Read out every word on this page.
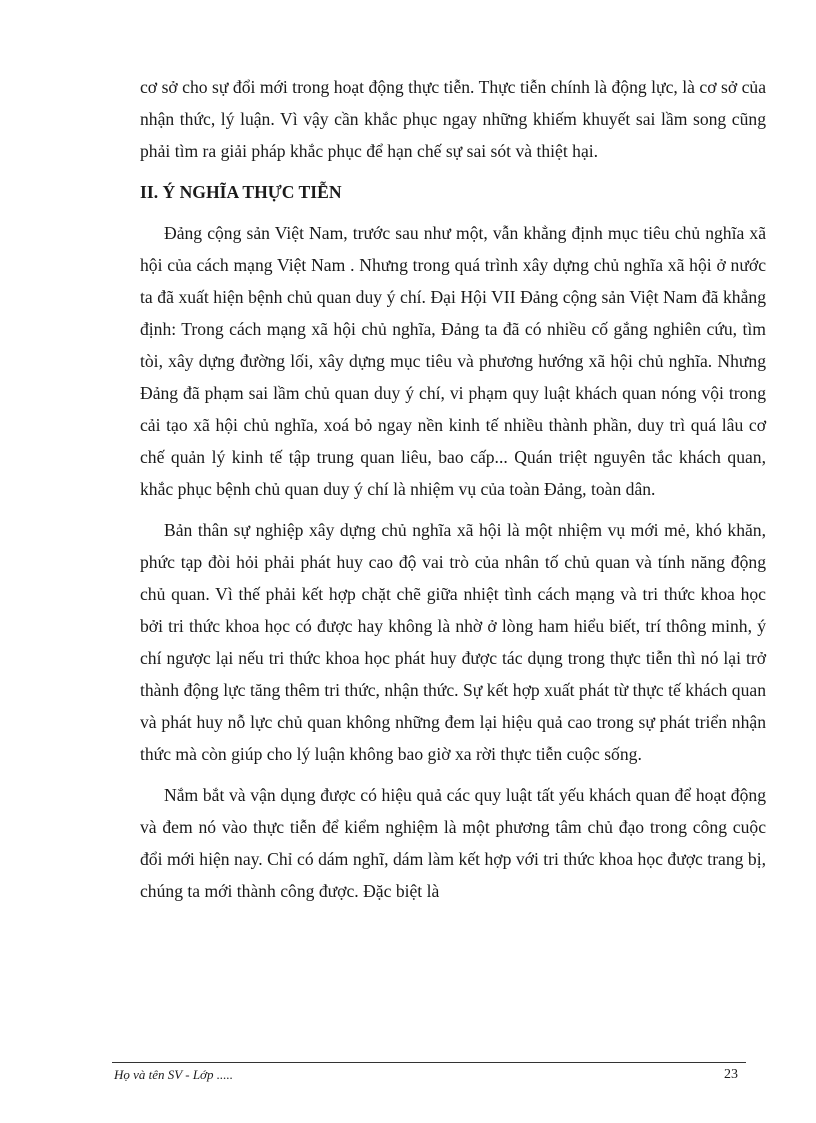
cơ sở cho sự đổi mới trong hoạt động thực tiễn. Thực tiễn chính là động lực, là cơ sở của nhận thức, lý luận. Vì vậy cần khắc phục ngay những khiếm khuyết sai lầm song cũng phải tìm ra giải pháp khắc phục để hạn chế sự sai sót và thiệt hại.

II. Ý NGHĨA THỰC TIỄN

Đảng cộng sản Việt Nam, trước sau như một, vẫn khẳng định mục tiêu chủ nghĩa xã hội của cách mạng Việt Nam . Nhưng trong quá trình xây dựng chủ nghĩa xã hội ở nước ta đã xuất hiện bệnh chủ quan duy ý chí. Đại Hội VII Đảng cộng sản Việt Nam đã khẳng định: Trong cách mạng xã hội chủ nghĩa, Đảng ta đã có nhiều cố gắng nghiên cứu, tìm tòi, xây dựng đường lối, xây dựng mục tiêu và phương hướng xã hội chủ nghĩa. Nhưng Đảng đã phạm sai lầm chủ quan duy ý chí, vi phạm quy luật khách quan nóng vội trong cải tạo xã hội chủ nghĩa, xoá bỏ ngay nền kinh tế nhiều thành phần, duy trì quá lâu cơ chế quản lý kinh tế tập trung quan liêu, bao cấp... Quán triệt nguyên tắc khách quan, khắc phục bệnh chủ quan duy ý chí là nhiệm vụ của toàn Đảng, toàn dân.

Bản thân sự nghiệp xây dựng chủ nghĩa xã hội là một nhiệm vụ mới mẻ, khó khăn, phức tạp đòi hỏi phải phát huy cao độ vai trò của nhân tố chủ quan và tính năng động chủ quan. Vì thế phải kết hợp chặt chẽ giữa nhiệt tình cách mạng và tri thức khoa học bởi tri thức khoa học có được hay không là nhờ ở lòng ham hiểu biết, trí thông minh, ý chí ngược lại nếu tri thức khoa học phát huy được tác dụng trong thực tiễn thì nó lại trở thành động lực tăng thêm tri thức, nhận thức. Sự kết hợp xuất phát từ thực tế khách quan và phát huy nỗ lực chủ quan không những đem lại hiệu quả cao trong sự phát triển nhận thức mà còn giúp cho lý luận không bao giờ xa rời thực tiễn cuộc sống.

Nắm bắt và vận dụng được có hiệu quả các quy luật tất yếu khách quan để hoạt động và đem nó vào thực tiễn để kiểm nghiệm là một phương tâm chủ đạo trong công cuộc đổi mới hiện nay. Chỉ có dám nghĩ, dám làm kết hợp với tri thức khoa học được trang bị, chúng ta mới thành công được. Đặc biệt là

Họ và tên SV - Lớp .....	23
